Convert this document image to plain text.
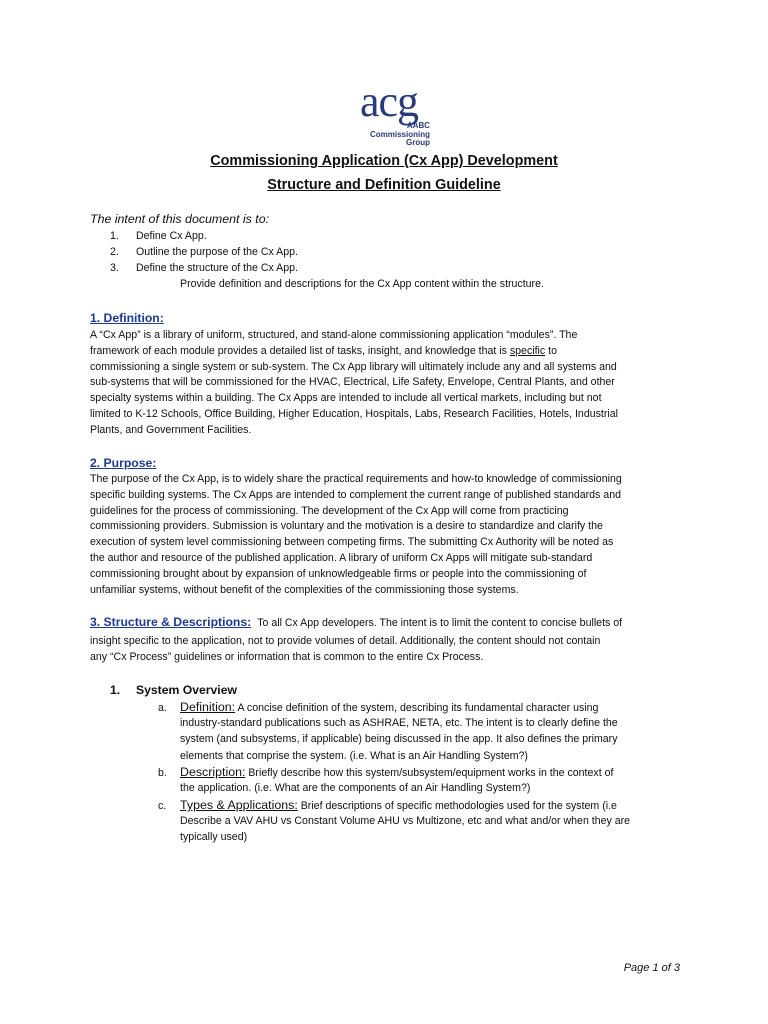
acg
AABC
Commissioning
Group
Commissioning Application (Cx App) Development
Structure and Definition Guideline
The intent of this document is to:
1.	Define Cx App.
2.	Outline the purpose of the Cx App.
3.	Define the structure of the Cx App.
Provide definition and descriptions for the Cx App content within the structure.
1. Definition:
A “Cx App” is a library of uniform, structured, and stand-alone commissioning application “modules”. The
framework of each module provides a detailed list of tasks, insight, and knowledge that is specific to
commissioning a single system or sub-system. The Cx App library will ultimately include any and all systems and
sub-systems that will be commissioned for the HVAC, Electrical, Life Safety, Envelope, Central Plants, and other
specialty systems within a building. The Cx Apps are intended to include all vertical markets, including but not
limited to K-12 Schools, Office Building, Higher Education, Hospitals, Labs, Research Facilities, Hotels, Industrial
Plants, and Government Facilities.
2. Purpose:
The purpose of the Cx App, is to widely share the practical requirements and how-to knowledge of commissioning
specific building systems. The Cx Apps are intended to complement the current range of published standards and
guidelines for the process of commissioning. The development of the Cx App will come from practicing
commissioning providers. Submission is voluntary and the motivation is a desire to standardize and clarify the
execution of system level commissioning between competing firms. The submitting Cx Authority will be noted as
the author and resource of the published application. A library of uniform Cx Apps will mitigate sub-standard
commissioning brought about by expansion of unknowledgeable firms or people into the commissioning of
unfamiliar systems, without benefit of the complexities of the commissioning those systems.
3. Structure & Descriptions: To all Cx App developers. The intent is to limit the content to concise bullets of
insight specific to the application, not to provide volumes of detail. Additionally, the content should not contain
any “Cx Process” guidelines or information that is common to the entire Cx Process.
1. System Overview
a.	Definition: A concise definition of the system, describing its fundamental character using
industry-standard publications such as ASHRAE, NETA, etc. The intent is to clearly define the
system (and subsystems, if applicable) being discussed in the app. It also defines the primary
elements that comprise the system. (i.e. What is an Air Handling System?)
b.	Description: Briefly describe how this system/subsystem/equipment works in the context of
the application. (i.e. What are the components of an Air Handling System?)
c.	Types & Applications: Brief descriptions of specific methodologies used for the system (i.e
Describe a VAV AHU vs Constant Volume AHU vs Multizone, etc and what and/or when they are
typically used)
Page 1 of 3
